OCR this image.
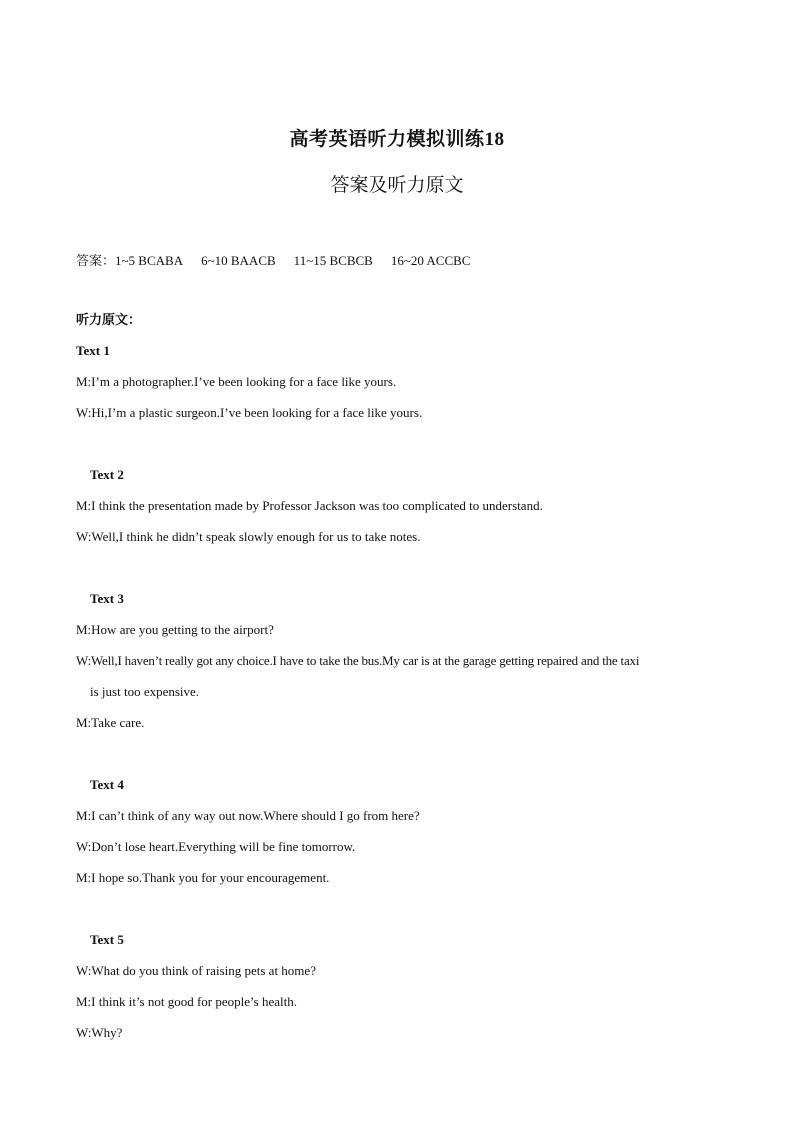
高考英语听力模拟训练18
答案及听力原文
答案：1~5 BCABA 6~10 BAACB 11~15 BCBCB 16~20 ACCBC
听力原文：
Text 1
M:I’m a photographer.I’ve been looking for a face like yours.
W:Hi,I’m a plastic surgeon.I’ve been looking for a face like yours.
Text 2
M:I think the presentation made by Professor Jackson was too complicated to understand.
W:Well,I think he didn’t speak slowly enough for us to take notes.
Text 3
M:How are you getting to the airport?
W:Well,I haven’t really got any choice.I have to take the bus.My car is at the garage getting repaired and the taxi
is just too expensive.
M:Take care.
Text 4
M:I can’t think of any way out now.Where should I go from here?
W:Don’t lose heart.Everything will be fine tomorrow.
M:I hope so.Thank you for your encouragement.
Text 5
W:What do you think of raising pets at home?
M:I think it’s not good for people’s health.
W:Why?
